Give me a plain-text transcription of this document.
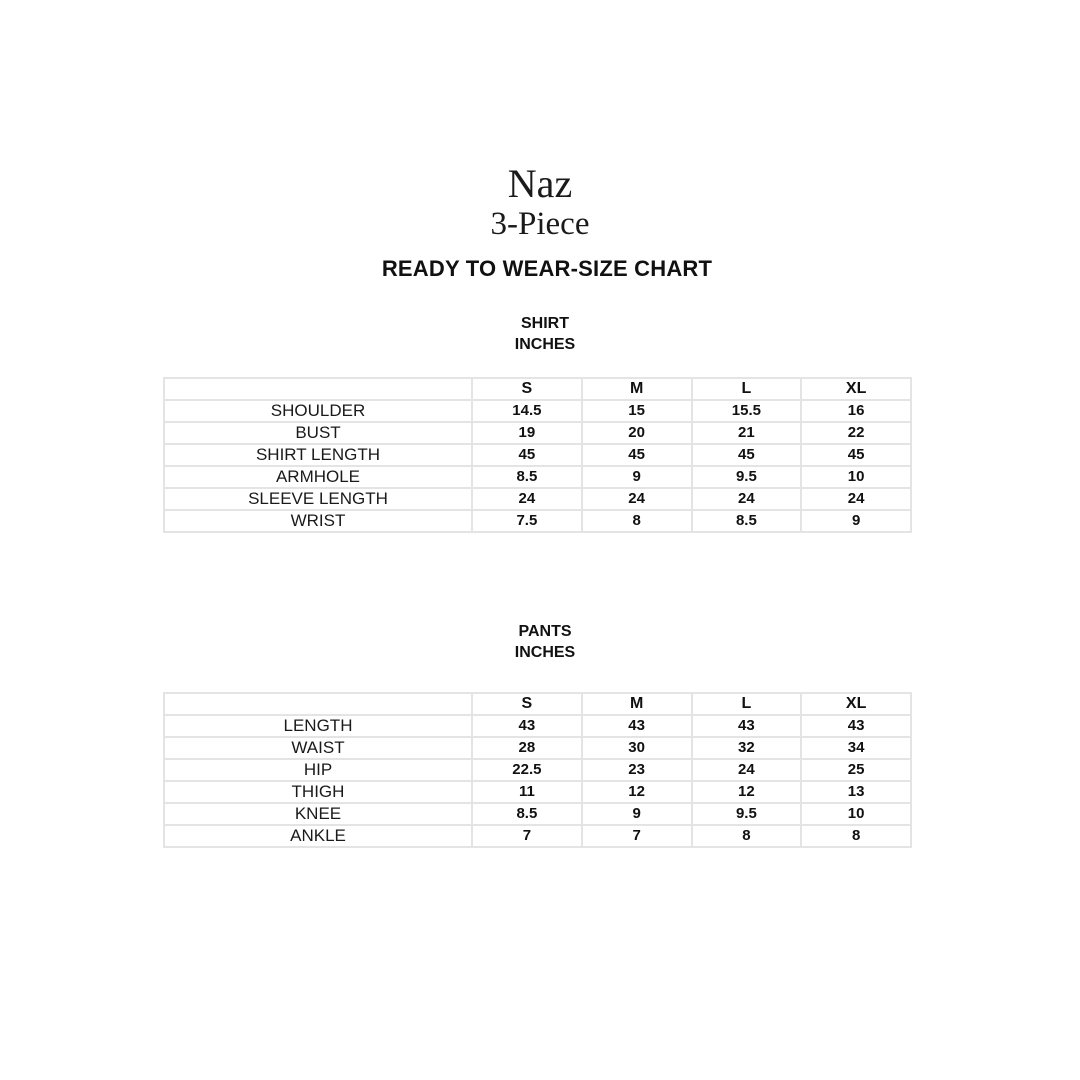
Naz
3-Piece
READY TO WEAR-SIZE CHART
SHIRT
INCHES
	S	M	L	XL
SHOULDER	14.5	15	15.5	16
BUST	19	20	21	22
SHIRT LENGTH	45	45	45	45
ARMHOLE	8.5	9	9.5	10
SLEEVE LENGTH	24	24	24	24
WRIST	7.5	8	8.5	9
PANTS
INCHES
	S	M	L	XL
LENGTH	43	43	43	43
WAIST	28	30	32	34
HIP	22.5	23	24	25
THIGH	11	12	12	13
KNEE	8.5	9	9.5	10
ANKLE	7	7	8	8
